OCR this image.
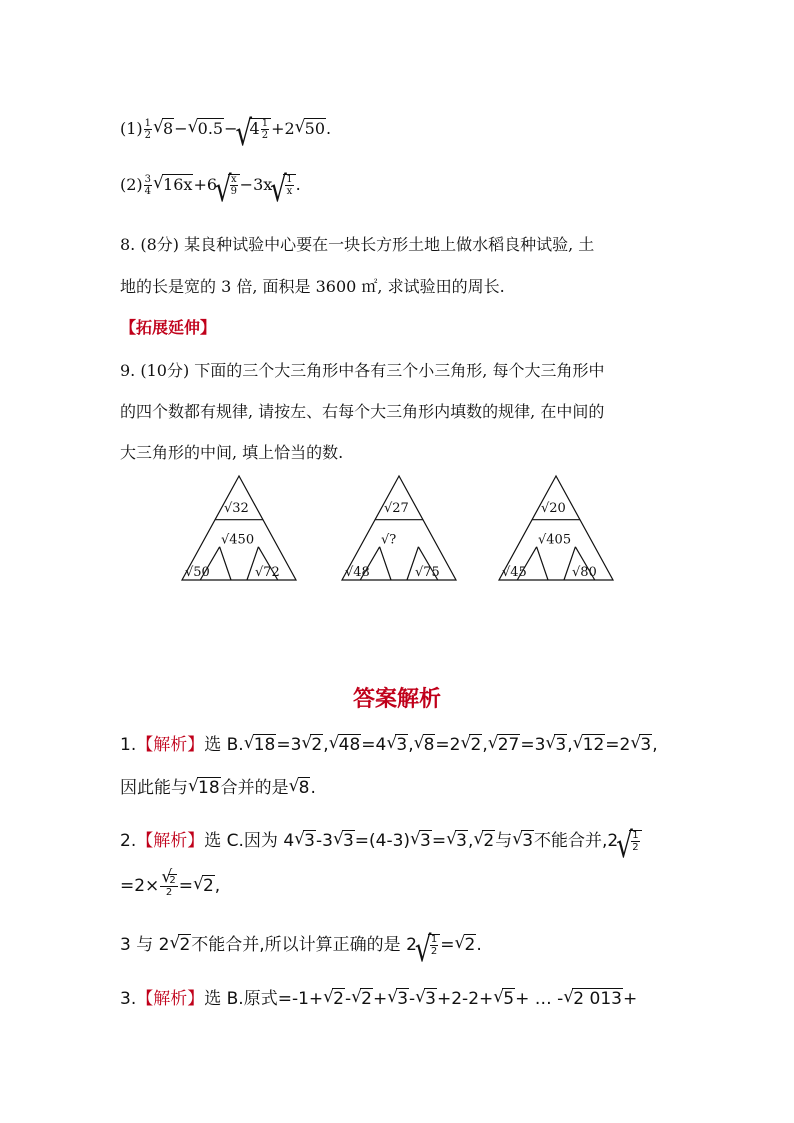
$(1) \frac{1}{2}$
√ 8−√ 0.5−√ $4 \frac{1}{2} +2√$ 50.
$(2) \frac{3}{4}$
√ 16x+6
√ $\frac{x}{9} -3x$
√ $\frac{1}{x}$ .
8. (8分) 某良种试验中心要在一块长方形土地上做水稻良种试验, 土
地的长是宽的 3 倍, 面积是 3600 ㎡, 求试验田的周长.
【拓展延伸】
9. (10分) 下面的三个大三角形中各有三个小三角形, 每个大三角形中
的四个数都有规律, 请按左、右每个大三角形内填数的规律, 在中间的
大三角形的中间, 填上恰当的数.
√32
√450
√50	√72
√27
√?
√48	√75
√20
√405
√45	√80
答案解析
1.【解析】选 B.√ 18=3√ 2,√ 48=4√ 3,√ 8=2√ 2,√ 27=3√ 3,√ 12=2√ 3,
因此能与√ 18合并的是√ 8.
2.【解析】选 C.因为 4√ 3-3√ 3=(4-3)√ 3=√ 3,√ 2与√ 3不能合并,2
√ $\frac{1}{2}$
=2×
√ $\frac{2}{2}$ =√ 2,
3 与 2√ 2不能合并,所以计算正确的是 2
√ $\frac{1}{2}$ =√ 2.
3.【解析】选 B.原式=-1+√ 2-√ 2+√ 3-√ 3+2-2+√ 5+ … -√ 2 013+
